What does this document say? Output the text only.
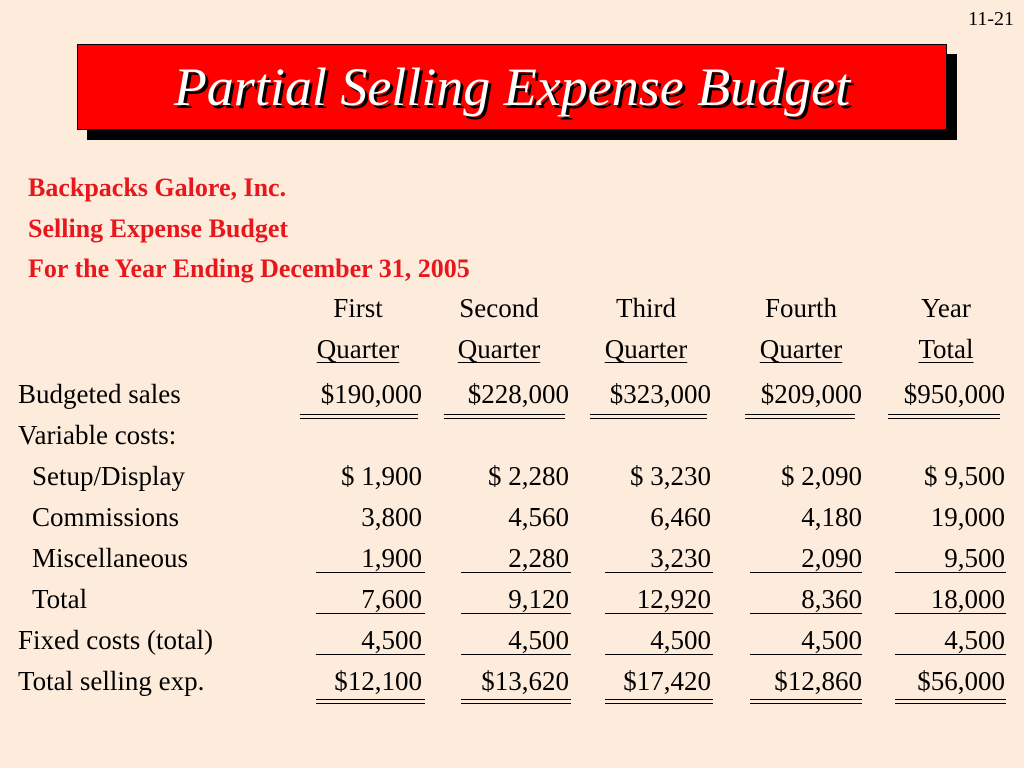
11-21
Partial Selling Expense Budget
Backpacks Galore, Inc.
Selling Expense Budget
For the Year Ending December 31, 2005
First	Second	Third	Fourth	Year
Quarter	Quarter	Quarter	Quarter	Total
Budgeted sales	$190,000 $228,000 $323,000 $209,000 $950,000
Variable costs:
Setup/Display	$ 1,900 $ 2,280 $ 3,230	$ 2,090 $ 9,500
Commissions	3,800	4,560	6,460	4,180	19,000
Miscellaneous	1,900	2,280	3,230	2,090	9,500
Total	7,600	9,120	12,920	8,360	18,000
Fixed costs (total)	4,500	4,500	4,500	4,500	4,500
Total selling exp.	$12,100 $13,620 $17,420 $12,860 $56,000
